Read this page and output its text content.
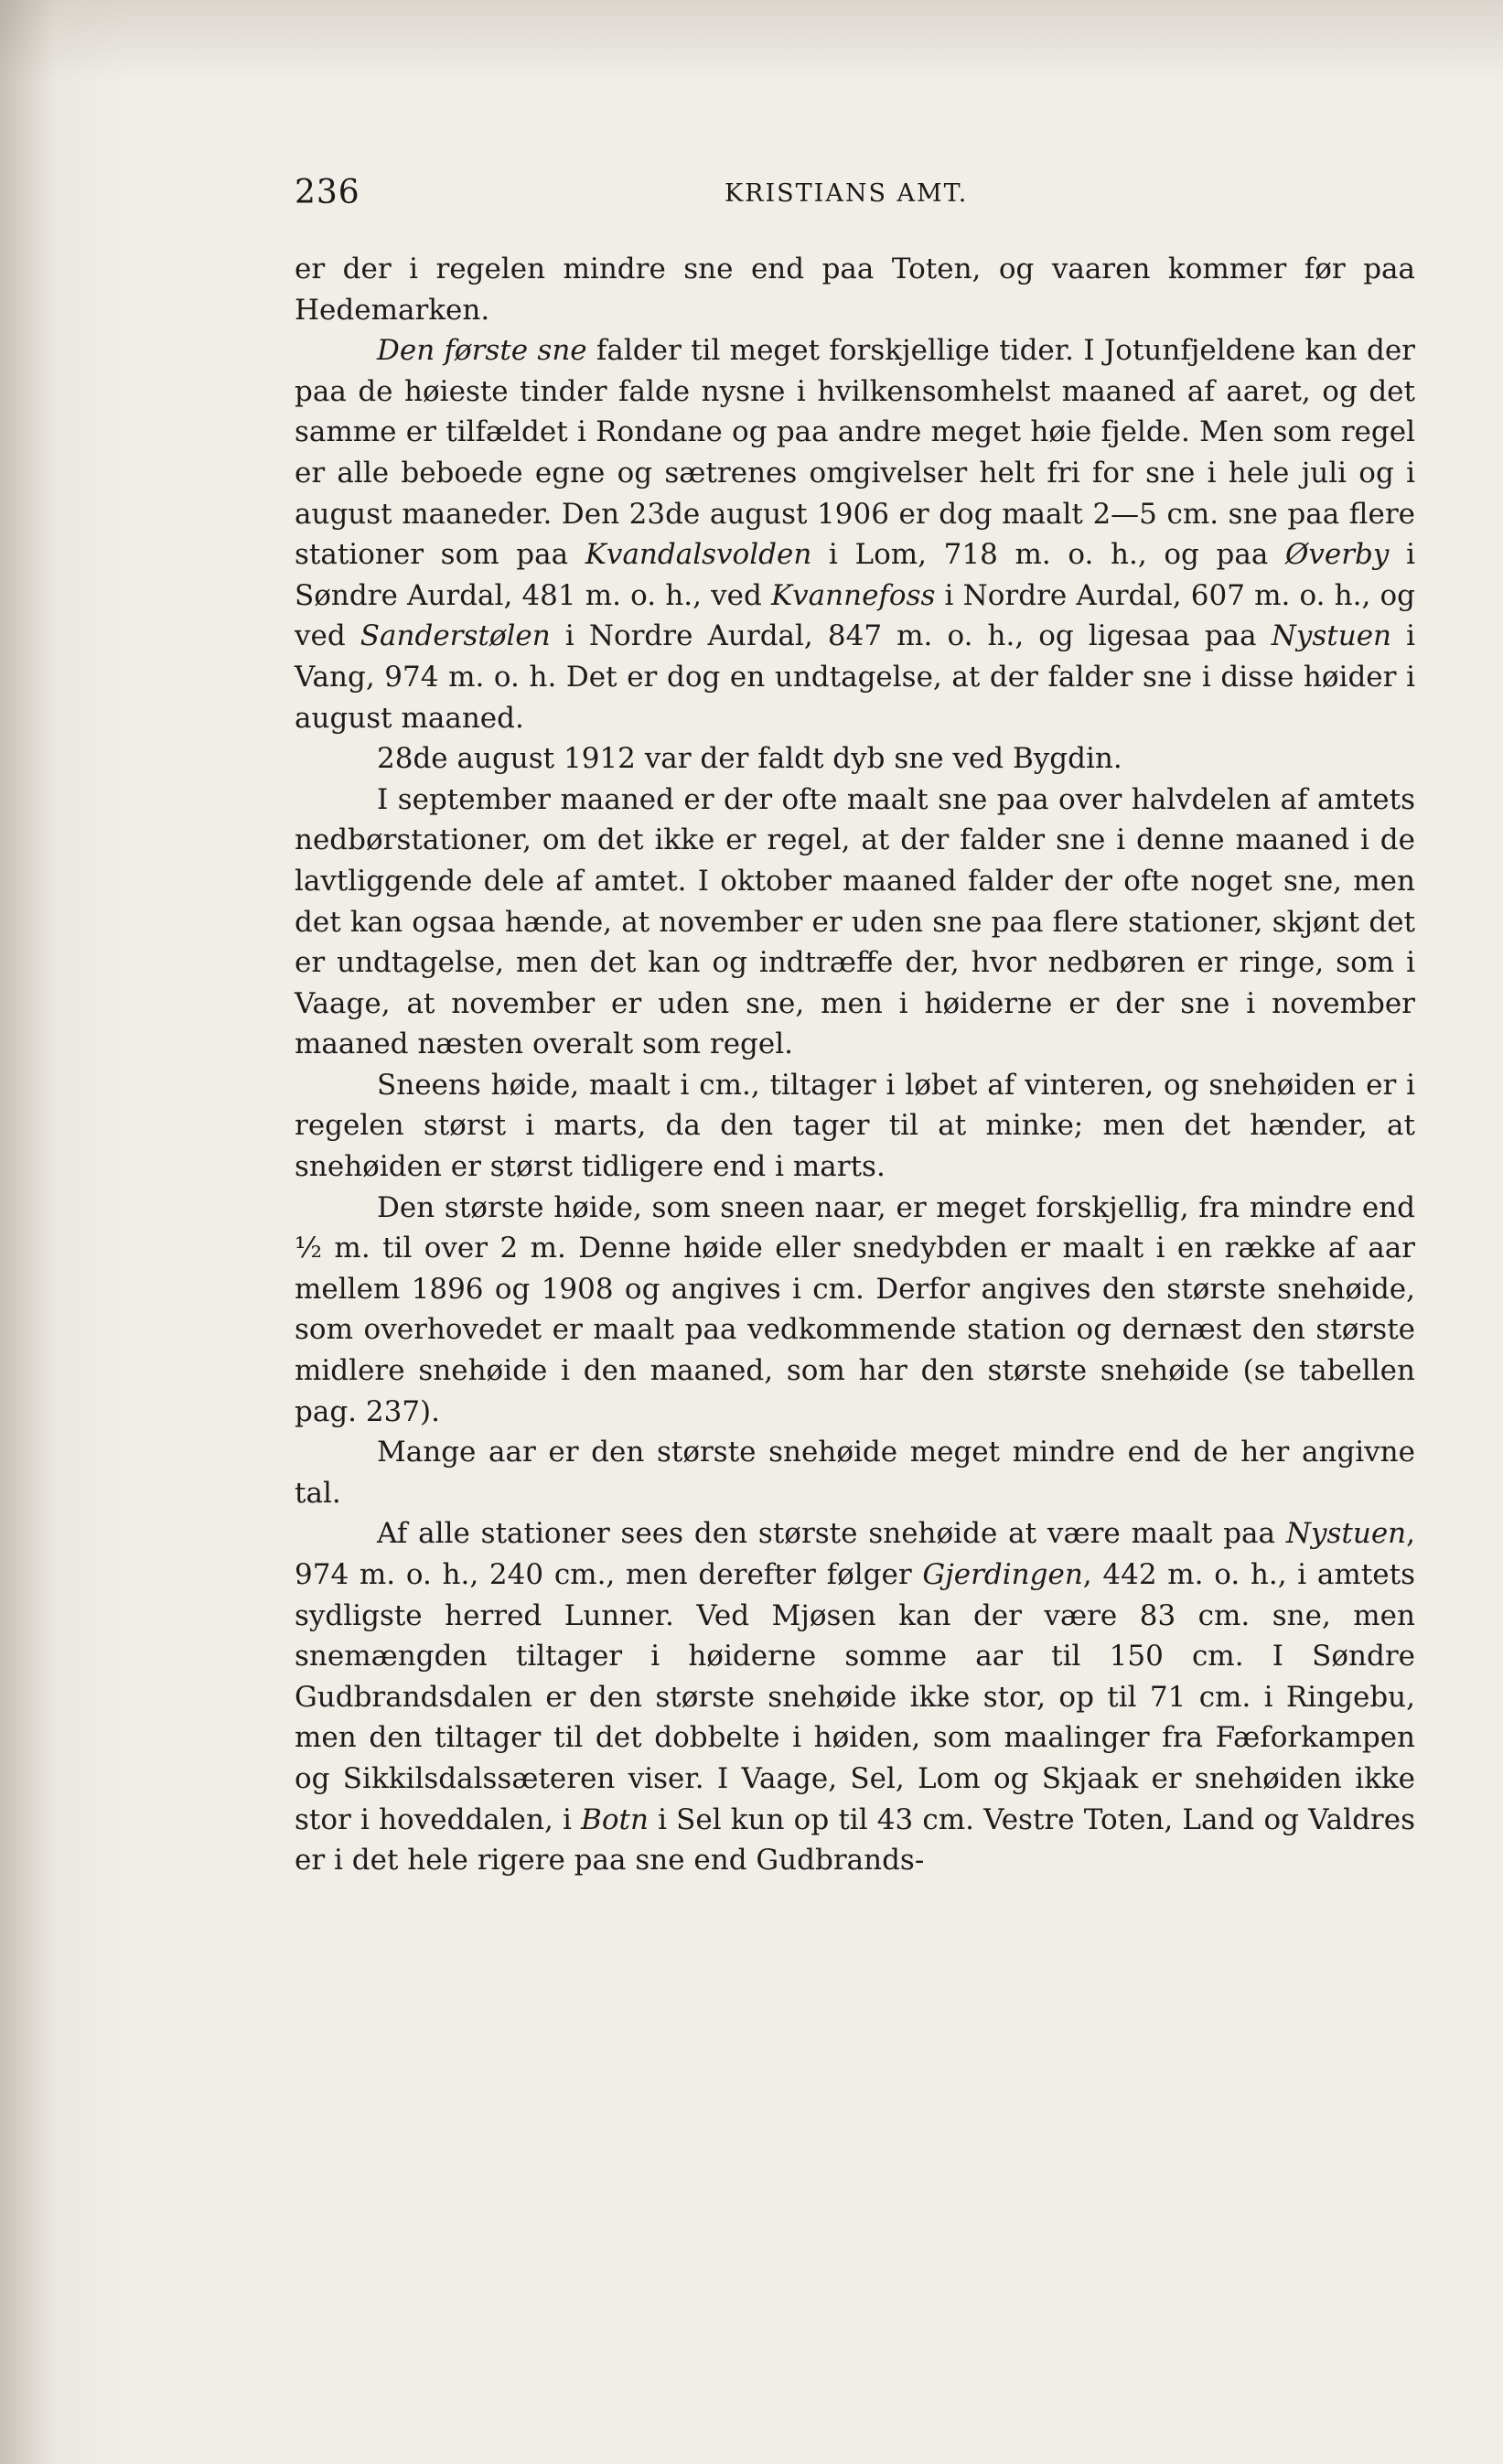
236	KRISTIANS AMT.

er der i regelen mindre sne end paa Toten, og vaaren kommer før paa Hedemarken.

Den første sne falder til meget forskjellige tider. I Jotunfjeldene kan der paa de høieste tinder falde nysne i hvilkensomhelst maaned af aaret, og det samme er tilfældet i Rondane og paa andre meget høie fjelde. Men som regel er alle beboede egne og sætrenes omgivelser helt fri for sne i hele juli og i august maaneder. Den 23de august 1906 er dog maalt 2—5 cm. sne paa flere stationer som paa Kvandalsvolden i Lom, 718 m. o. h., og paa Øverby i Søndre Aurdal, 481 m. o. h., ved Kvannefoss i Nordre Aurdal, 607 m. o. h., og ved Sanderstølen i Nordre Aurdal, 847 m. o. h., og ligesaa paa Nystuen i Vang, 974 m. o. h. Det er dog en undtagelse, at der falder sne i disse høider i august maaned.

28de august 1912 var der faldt dyb sne ved Bygdin.

I september maaned er der ofte maalt sne paa over halvdelen af amtets nedbørstationer, om det ikke er regel, at der falder sne i denne maaned i de lavtliggende dele af amtet. I oktober maaned falder der ofte noget sne, men det kan ogsaa hænde, at november er uden sne paa flere stationer, skjønt det er undtagelse, men det kan og indtræffe der, hvor nedbøren er ringe, som i Vaage, at november er uden sne, men i høiderne er der sne i november maaned næsten overalt som regel.

Sneens høide, maalt i cm., tiltager i løbet af vinteren, og snehøiden er i regelen størst i marts, da den tager til at minke; men det hænder, at snehøiden er størst tidligere end i marts.

Den største høide, som sneen naar, er meget forskjellig, fra mindre end ½ m. til over 2 m. Denne høide eller snedybden er maalt i en række af aar mellem 1896 og 1908 og angives i cm. Derfor angives den største snehøide, som overhovedet er maalt paa vedkommende station og dernæst den største midlere snehøide i den maaned, som har den største snehøide (se tabellen pag. 237).

Mange aar er den største snehøide meget mindre end de her angivne tal.

Af alle stationer sees den største snehøide at være maalt paa Nystuen, 974 m. o. h., 240 cm., men derefter følger Gjerdingen, 442 m. o. h., i amtets sydligste herred Lunner. Ved Mjøsen kan der være 83 cm. sne, men snemængden tiltager i høiderne somme aar til 150 cm. I Søndre Gudbrandsdalen er den største snehøide ikke stor, op til 71 cm. i Ringebu, men den tiltager til det dobbelte i høiden, som maalinger fra Fæforkampen og Sikkilsdalssæteren viser. I Vaage, Sel, Lom og Skjaak er snehøiden ikke stor i hoveddalen, i Botn i Sel kun op til 43 cm. Vestre Toten, Land og Valdres er i det hele rigere paa sne end Gudbrands-
